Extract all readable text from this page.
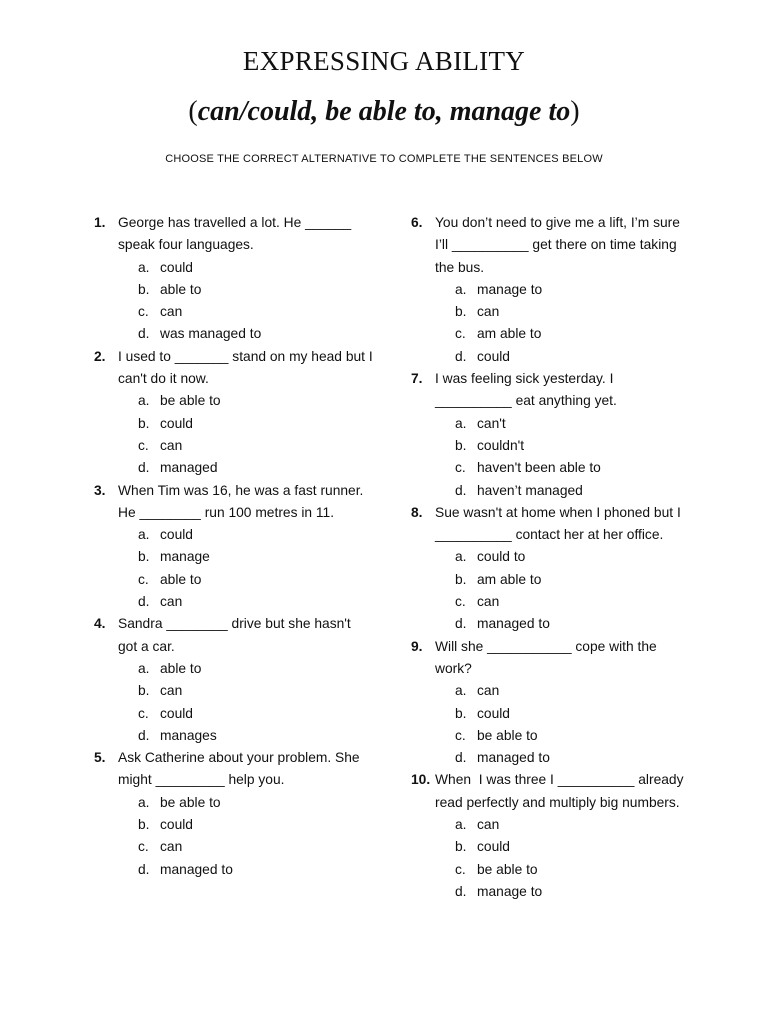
EXPRESSING ABILITY
(can/could, be able to, manage to)
CHOOSE THE CORRECT ALTERNATIVE TO COMPLETE THE SENTENCES BELOW
1. George has travelled a lot. He ______
speak four languages.
a. could
b. able to
c. can
d. was managed to
2. I used to _______ stand on my head but I
can't do it now.
a. be able to
b. could
c. can
d. managed
3. When Tim was 16, he was a fast runner.
He ________ run 100 metres in 11.
a. could
b. manage
c. able to
d. can
4. Sandra ________ drive but she hasn't
got a car.
a. able to
b. can
c. could
d. manages
5. Ask Catherine about your problem. She
might _________ help you.
a. be able to
b. could
c. can
d. managed to
6. You don’t need to give me a lift, I’m sure
I’ll __________ get there on time taking
the bus.
a. manage to
b. can
c. am able to
d. could
7. I was feeling sick yesterday. I
__________ eat anything yet.
a. can't
b. couldn't
c. haven't been able to
d. haven’t managed
8. Sue wasn't at home when I phoned but I
__________ contact her at her office.
a. could to
b. am able to
c. can
d. managed to
9. Will she ___________ cope with the
work?
a. can
b. could
c. be able to
d. managed to
10. When  I was three I __________ already
read perfectly and multiply big numbers.
a. can
b. could
c. be able to
d. manage to
